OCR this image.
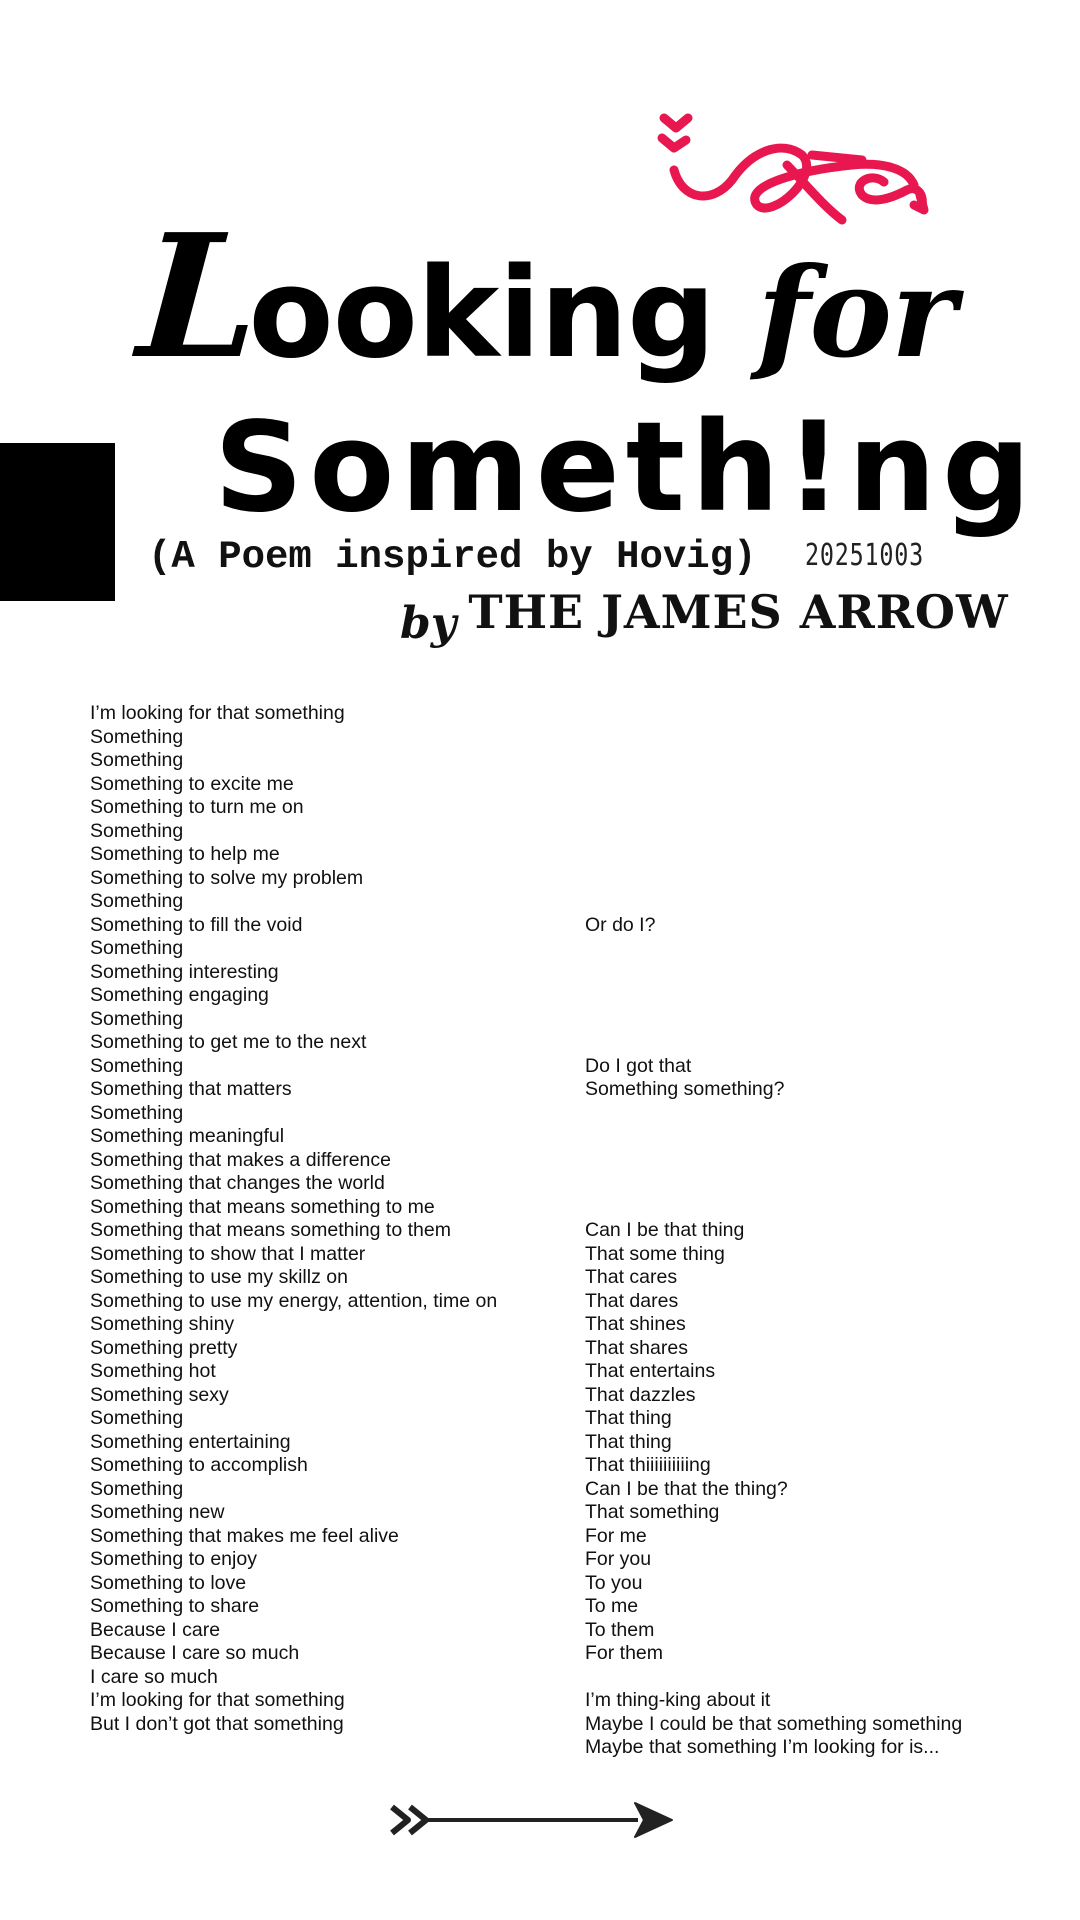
Looking for
Someth!ng
(A Poem inspired by Hovig) 20251003
by THE JAMES ARROW
I’m looking for that something
Something
Something
Something to excite me
Something to turn me on
Something
Something to help me
Something to solve my problem
Something
Something to fill the void
Something
Something interesting
Something engaging
Something
Something to get me to the next
Something
Something that matters
Something
Something meaningful
Something that makes a difference
Something that changes the world
Something that means something to me
Something that means something to them
Something to show that I matter
Something to use my skillz on
Something to use my energy, attention, time on
Something shiny
Something pretty
Something hot
Something sexy
Something
Something entertaining
Something to accomplish
Something
Something new
Something that makes me feel alive
Something to enjoy
Something to love
Something to share
Because I care
Because I care so much
I care so much
I’m looking for that something
But I don’t got that something
Or do I?
Do I got that
Something something?
Can I be that thing
That some thing
That cares
That dares
That shines
That shares
That entertains
That dazzles
That thing
That thing
That thiiiiiiiiiing
Can I be that the thing?
That something
For me
For you
To you
To me
To them
For them
I’m thing-king about it
Maybe I could be that something something
Maybe that something I’m looking for is...
